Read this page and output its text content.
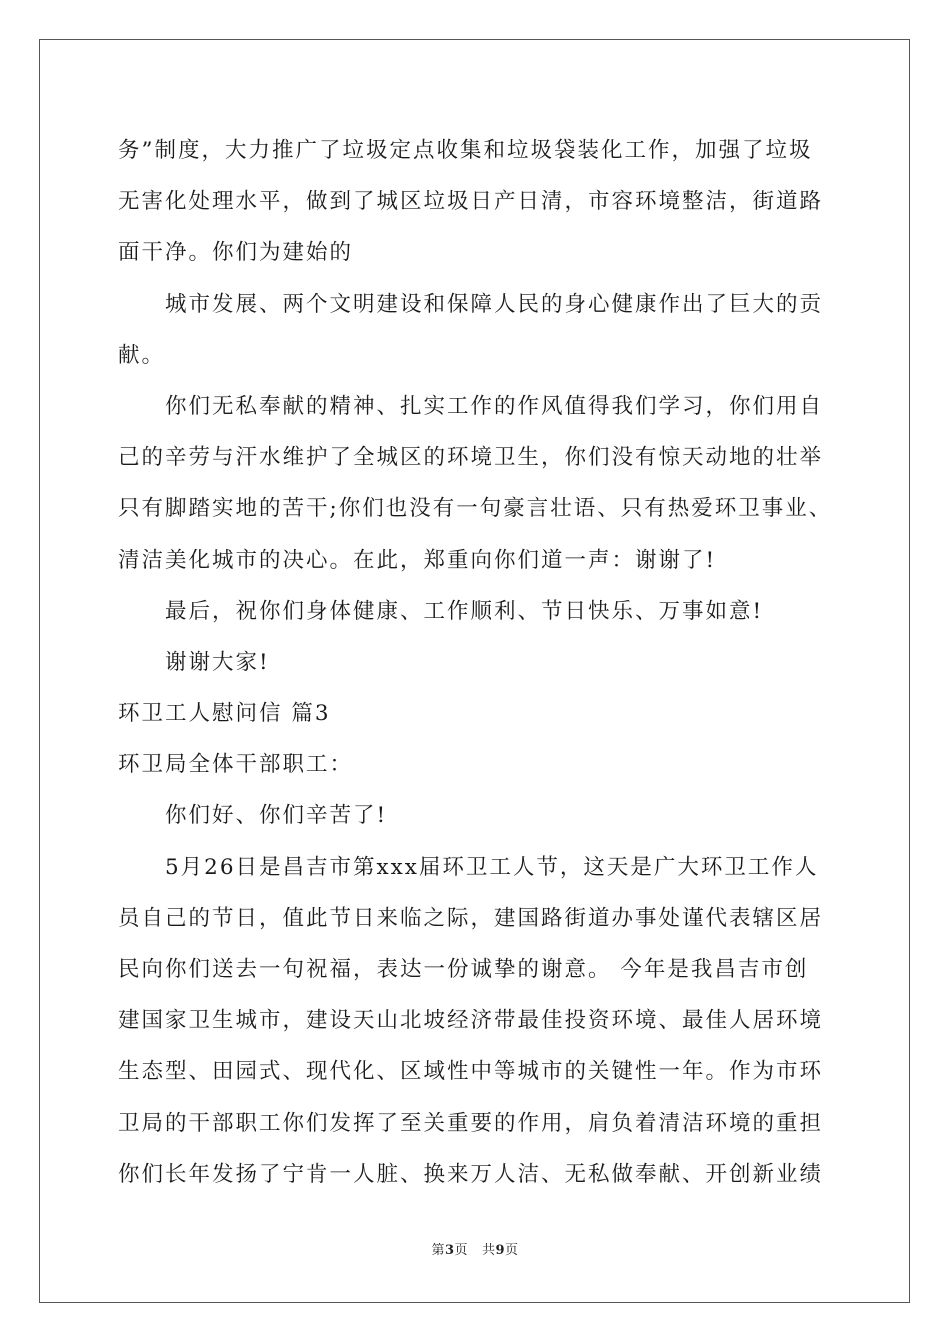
务”制度，大力推广了垃圾定点收集和垃圾袋装化工作，加强了垃圾
无害化处理水平，做到了城区垃圾日产日清，市容环境整洁，街道路
面干净。你们为建始的
城市发展、两个文明建设和保障人民的身心健康作出了巨大的贡
献。
你们无私奉献的精神、扎实工作的作风值得我们学习，你们用自
己的辛劳与汗水维护了全城区的环境卫生，你们没有惊天动地的壮举
只有脚踏实地的苦干;你们也没有一句豪言壮语、只有热爱环卫事业、
清洁美化城市的决心。在此，郑重向你们道一声：谢谢了!
最后，祝你们身体健康、工作顺利、节日快乐、万事如意!
谢谢大家!
环卫工人慰问信 篇3
环卫局全体干部职工：
你们好、你们辛苦了!
5月26日是昌吉市第xxx届环卫工人节，这天是广大环卫工作人
员自己的节日，值此节日来临之际，建国路街道办事处谨代表辖区居
民向你们送去一句祝福，表达一份诚挚的谢意。 今年是我昌吉市创
建国家卫生城市，建设天山北坡经济带最佳投资环境、最佳人居环境
生态型、田园式、现代化、区域性中等城市的关键性一年。作为市环
卫局的干部职工你们发挥了至关重要的作用，肩负着清洁环境的重担
你们长年发扬了宁肯一人脏、换来万人洁、无私做奉献、开创新业绩
第3页 共9页
